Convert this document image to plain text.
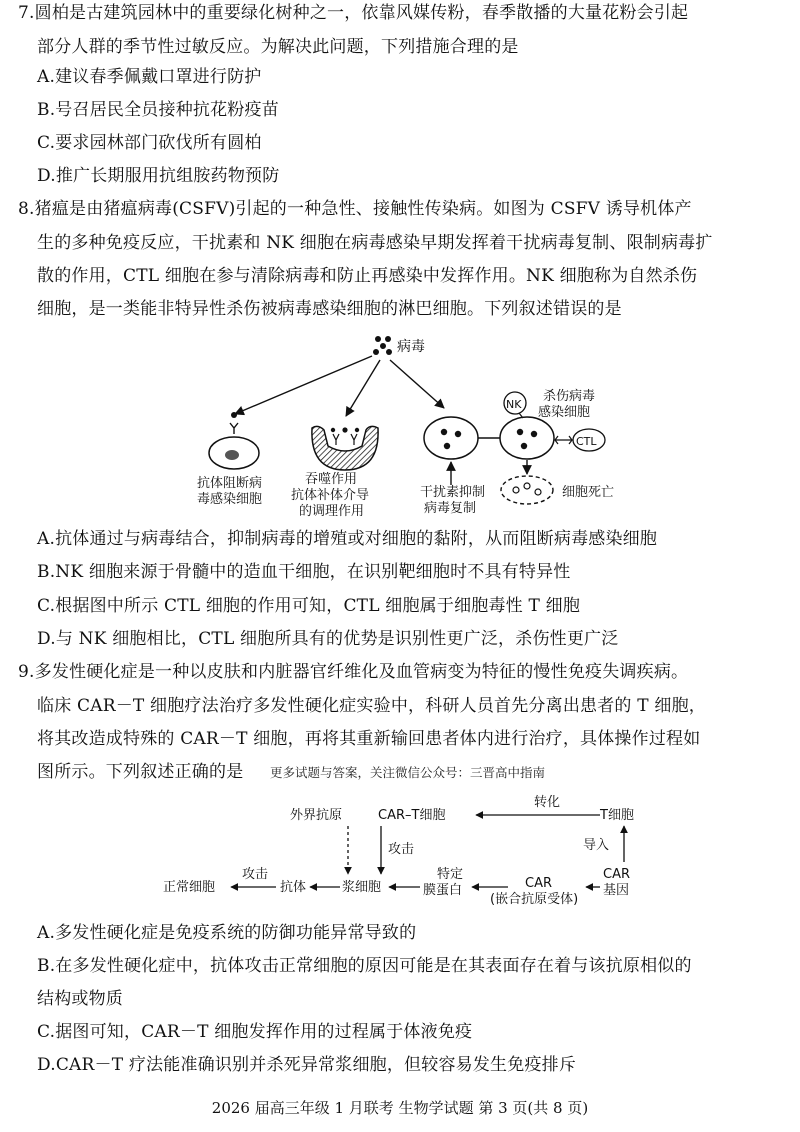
7.圆柏是古建筑园林中的重要绿化树种之一，依靠风媒传粉，春季散播的大量花粉会引起
部分人群的季节性过敏反应。为解决此问题，下列措施合理的是
A.建议春季佩戴口罩进行防护
B.号召居民全员接种抗花粉疫苗
C.要求园林部门砍伐所有圆柏
D.推广长期服用抗组胺药物预防
8.猪瘟是由猪瘟病毒(CSFV)引起的一种急性、接触性传染病。如图为 CSFV 诱导机体产
生的多种免疫反应，干扰素和 NK 细胞在病毒感染早期发挥着干扰病毒复制、限制病毒扩
散的作用，CTL 细胞在参与清除病毒和防止再感染中发挥作用。NK 细胞称为自然杀伤
细胞，是一类能非特异性杀伤被病毒感染细胞的淋巴细胞。下列叙述错误的是
病毒
抗体阻断病 毒感染细胞
吞噬作用 抗体补体介导 的调理作用
NK
杀伤病毒 感染细胞
CTL
细胞死亡
干扰素抑制 病毒复制
外界抗原	CAR–T细胞
转化
T细胞
攻击	导入
正常细胞
攻击
抗体	浆细胞
特定 膜蛋白	CAR
(嵌合抗原受体)
CAR 基因
A.抗体通过与病毒结合，抑制病毒的增殖或对细胞的黏附，从而阻断病毒感染细胞
B.NK 细胞来源于骨髓中的造血干细胞，在识别靶细胞时不具有特异性
C.根据图中所示 CTL 细胞的作用可知，CTL 细胞属于细胞毒性 T 细胞
D.与 NK 细胞相比，CTL 细胞所具有的优势是识别性更广泛，杀伤性更广泛
9.多发性硬化症是一种以皮肤和内脏器官纤维化及血管病变为特征的慢性免疫失调疾病。
临床 CAR－T 细胞疗法治疗多发性硬化症实验中，科研人员首先分离出患者的 T 细胞，
将其改造成特殊的 CAR－T 细胞，再将其重新输回患者体内进行治疗，具体操作过程如
图所示。下列叙述正确的是 更多试题与答案，关注微信公众号：三晋高中指南
A.多发性硬化症是免疫系统的防御功能异常导致的
B.在多发性硬化症中，抗体攻击正常细胞的原因可能是在其表面存在着与该抗原相似的
结构或物质
C.据图可知，CAR－T 细胞发挥作用的过程属于体液免疫
D.CAR－T 疗法能准确识别并杀死异常浆细胞，但较容易发生免疫排斥
2026 届高三年级 1 月联考 生物学试题 第 3 页(共 8 页)
